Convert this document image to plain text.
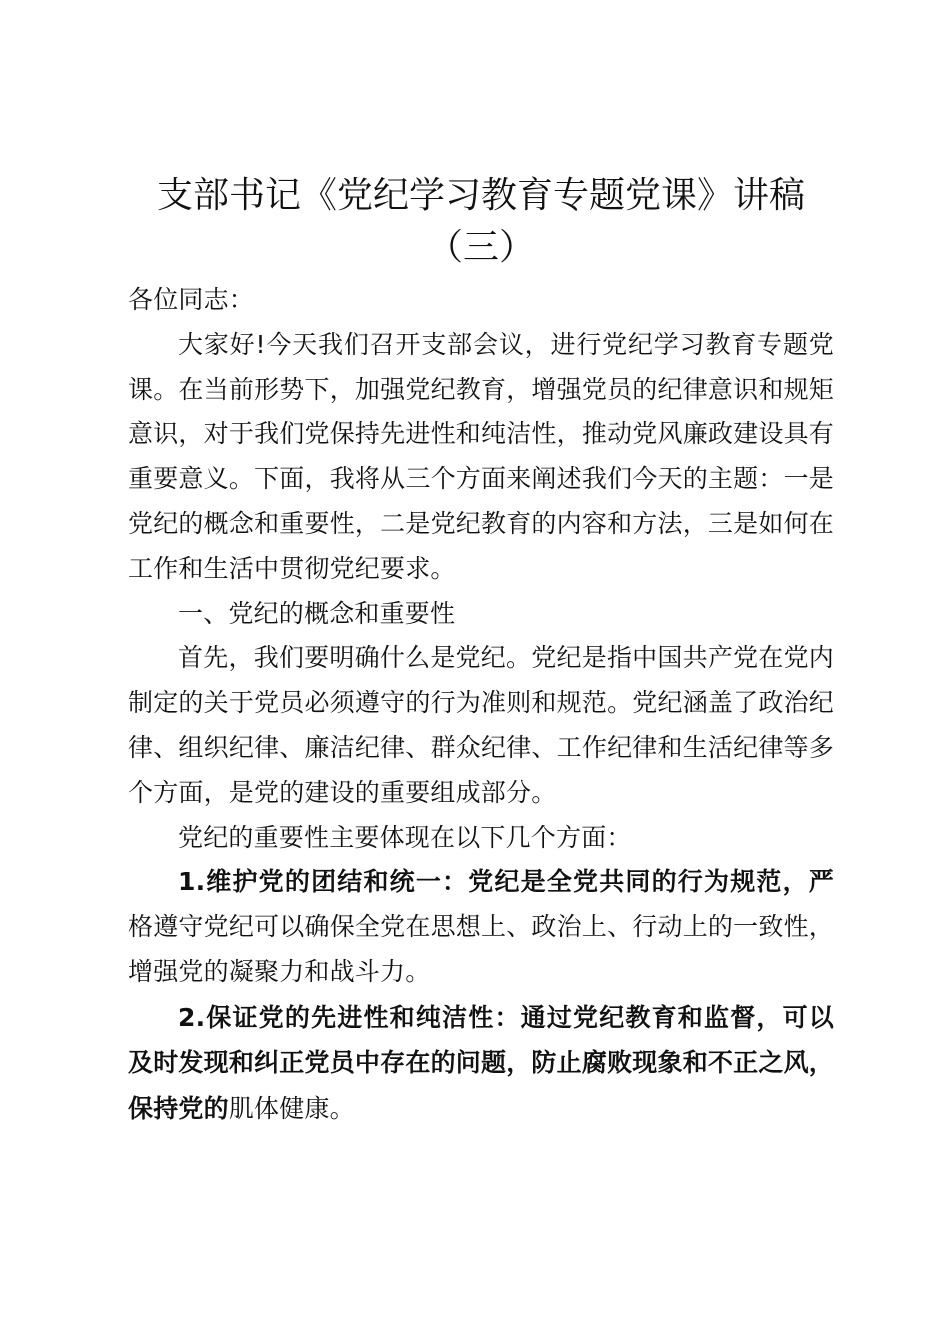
支部书记《党纪学习教育专题党课》讲稿
（三）

各位同志：

大家好!今天我们召开支部会议，进行党纪学习教育专题党课。在当前形势下，加强党纪教育，增强党员的纪律意识和规矩意识，对于我们党保持先进性和纯洁性，推动党风廉政建设具有重要意义。下面，我将从三个方面来阐述我们今天的主题：一是党纪的概念和重要性，二是党纪教育的内容和方法，三是如何在工作和生活中贯彻党纪要求。

一、党纪的概念和重要性

首先，我们要明确什么是党纪。党纪是指中国共产党在党内制定的关于党员必须遵守的行为准则和规范。党纪涵盖了政治纪律、组织纪律、廉洁纪律、群众纪律、工作纪律和生活纪律等多个方面，是党的建设的重要组成部分。

党纪的重要性主要体现在以下几个方面：

1.维护党的团结和统一：党纪是全党共同的行为规范，严格遵守党纪可以确保全党在思想上、政治上、行动上的一致性，增强党的凝聚力和战斗力。

2.保证党的先进性和纯洁性：通过党纪教育和监督，可以及时发现和纠正党员中存在的问题，防止腐败现象和不正之风，保持党的肌体健康。
